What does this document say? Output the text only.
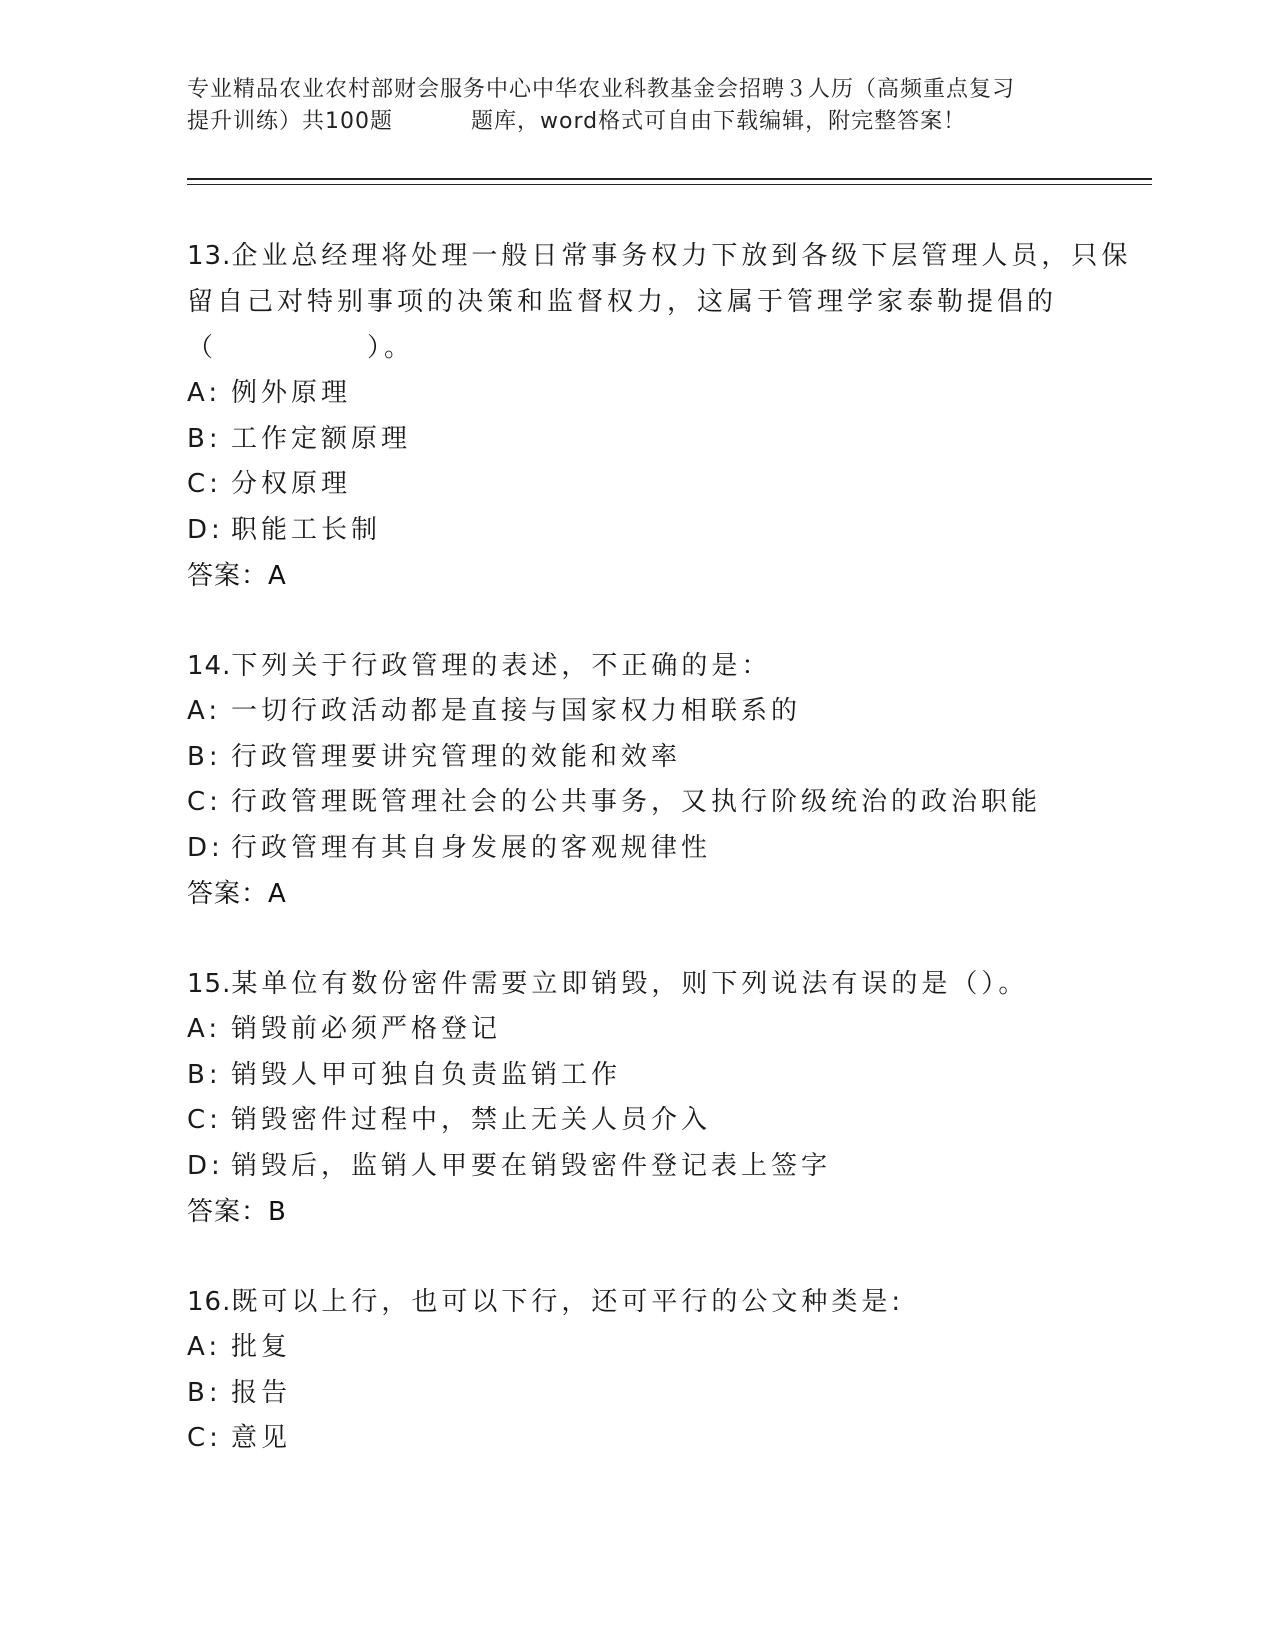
专业精品农业农村部财会服务中心中华农业科教基金会招聘３人历（高频重点复习
提升训练）共100题	题库，word格式可自由下载编辑，附完整答案！
13.企业总经理将处理一般日常事务权力下放到各级下层管理人员，只保留自己对特别事项的决策和监督权力，这属于管理学家泰勒提倡的（　　　　　）。
A: 例外原理
B: 工作定额原理
C: 分权原理
D: 职能工长制
答案：A
14.下列关于行政管理的表述，不正确的是：
A: 一切行政活动都是直接与国家权力相联系的
B: 行政管理要讲究管理的效能和效率
C: 行政管理既管理社会的公共事务，又执行阶级统治的政治职能
D: 行政管理有其自身发展的客观规律性
答案：A
15.某单位有数份密件需要立即销毁，则下列说法有误的是（）。
A: 销毁前必须严格登记
B: 销毁人甲可独自负责监销工作
C: 销毁密件过程中，禁止无关人员介入
D: 销毁后，监销人甲要在销毁密件登记表上签字
答案：B
16.既可以上行，也可以下行，还可平行的公文种类是:
A: 批复
B: 报告
C: 意见
